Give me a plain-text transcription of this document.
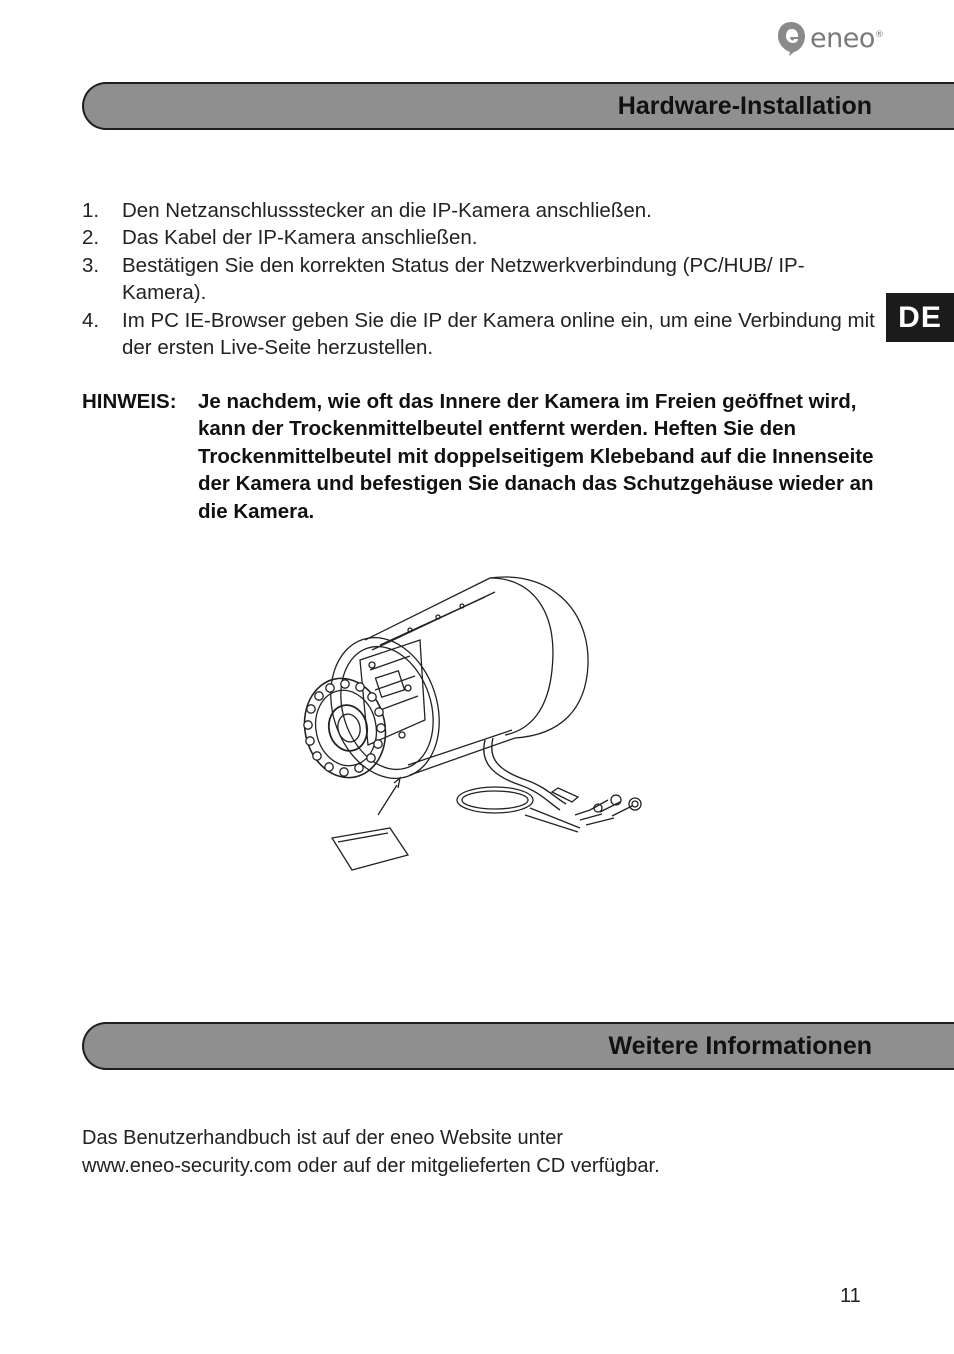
eneo®
Hardware-Installation
DE
1. Den Netzanschlussstecker an die IP-Kamera anschließen.
2. Das Kabel der IP-Kamera anschließen.
3. Bestätigen Sie den korrekten Status der Netzwerkverbindung (PC/HUB/ IP-Kamera).
4. Im PC IE-Browser geben Sie die IP der Kamera online ein, um eine Verbindung mit der ersten Live-Seite herzustellen.
HINWEIS: Je nachdem, wie oft das Innere der Kamera im Freien geöffnet wird, kann der Trockenmittelbeutel entfernt werden. Heften Sie den Trockenmittelbeutel mit doppelseitigem Klebeband auf die Innenseite der Kamera und befestigen Sie danach das Schutzgehäuse wieder an die Kamera.
Weitere Informationen
Das Benutzerhandbuch ist auf der eneo Website unter
www.eneo-security.com oder auf der mitgelieferten CD verfügbar.
11
